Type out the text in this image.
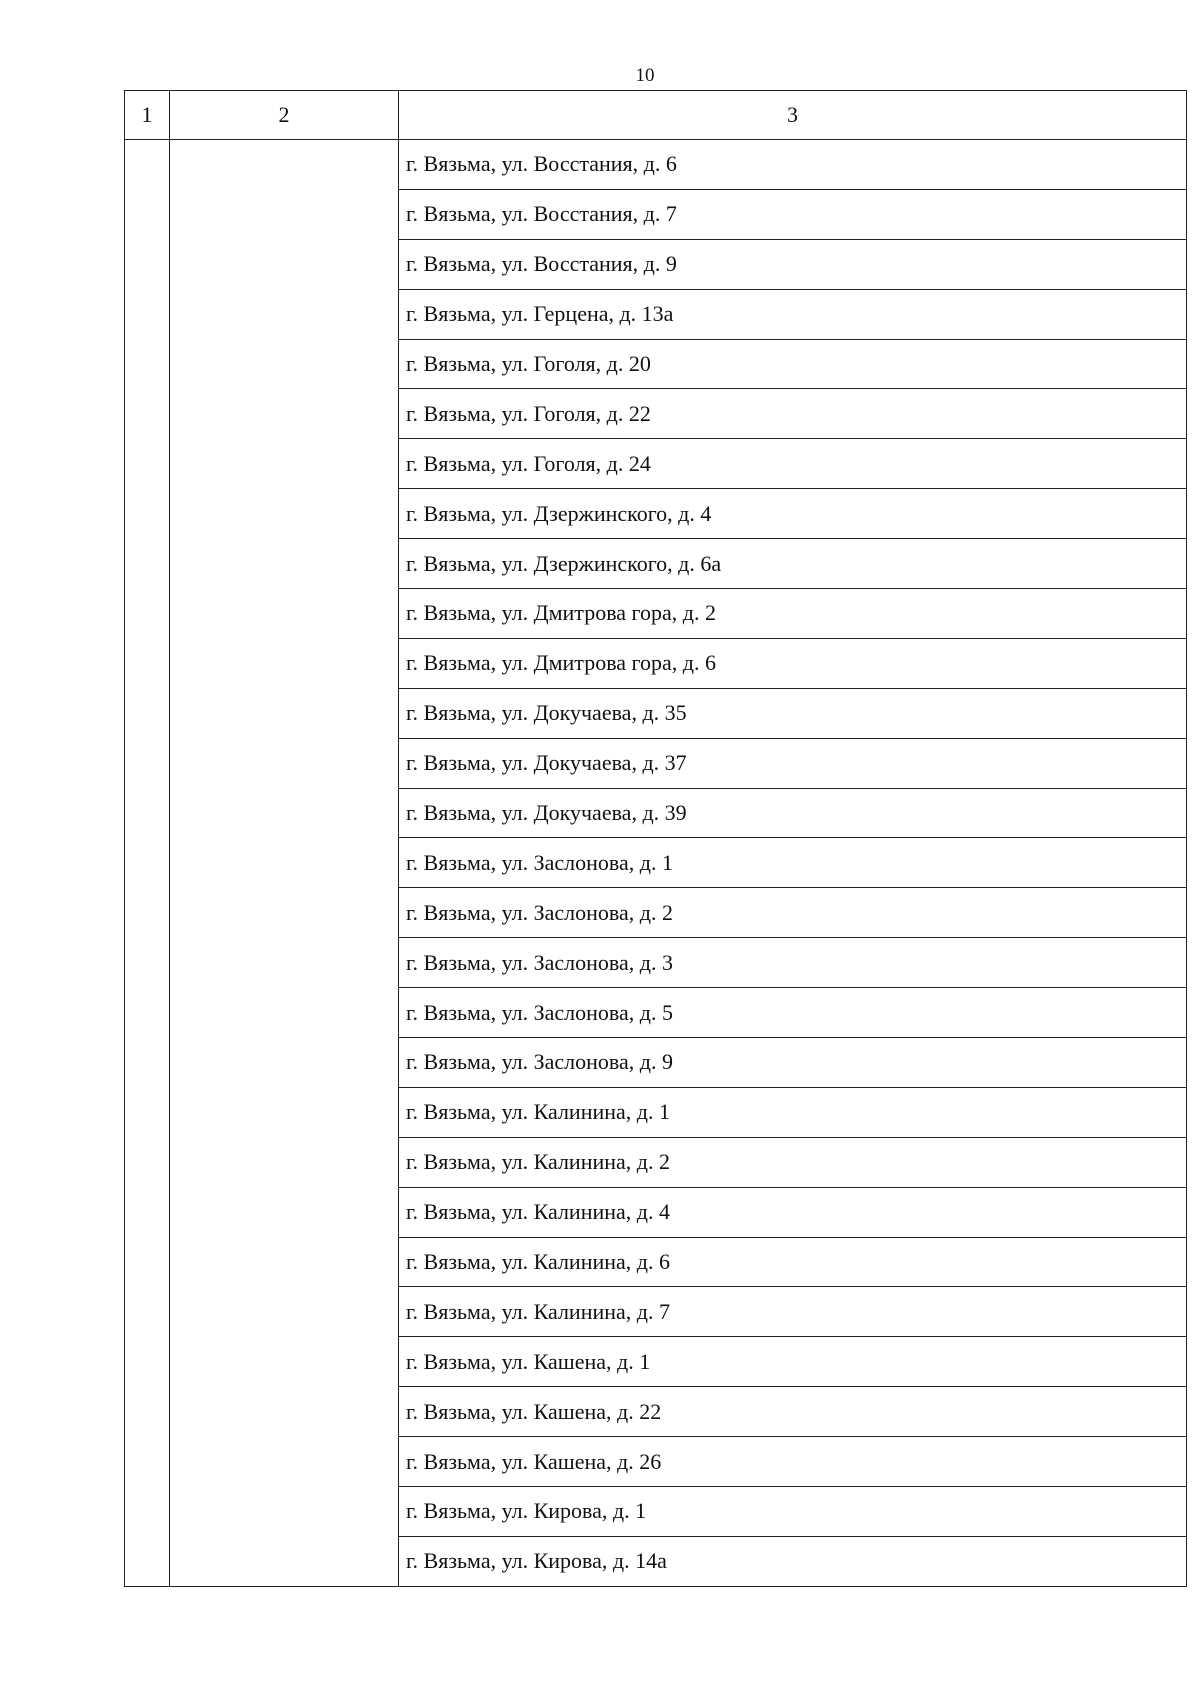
10
1	2	3
		г. Вязьма, ул. Восстания, д. 6
		г. Вязьма, ул. Восстания, д. 7
		г. Вязьма, ул. Восстания, д. 9
		г. Вязьма, ул. Герцена, д. 13а
		г. Вязьма, ул. Гоголя, д. 20
		г. Вязьма, ул. Гоголя, д. 22
		г. Вязьма, ул. Гоголя, д. 24
		г. Вязьма, ул. Дзержинского, д. 4
		г. Вязьма, ул. Дзержинского, д. 6а
		г. Вязьма, ул. Дмитрова гора, д. 2
		г. Вязьма, ул. Дмитрова гора, д. 6
		г. Вязьма, ул. Докучаева, д. 35
		г. Вязьма, ул. Докучаева, д. 37
		г. Вязьма, ул. Докучаева, д. 39
		г. Вязьма, ул. Заслонова, д. 1
		г. Вязьма, ул. Заслонова, д. 2
		г. Вязьма, ул. Заслонова, д. 3
		г. Вязьма, ул. Заслонова, д. 5
		г. Вязьма, ул. Заслонова, д. 9
		г. Вязьма, ул. Калинина, д. 1
		г. Вязьма, ул. Калинина, д. 2
		г. Вязьма, ул. Калинина, д. 4
		г. Вязьма, ул. Калинина, д. 6
		г. Вязьма, ул. Калинина, д. 7
		г. Вязьма, ул. Кашена, д. 1
		г. Вязьма, ул. Кашена, д. 22
		г. Вязьма, ул. Кашена, д. 26
		г. Вязьма, ул. Кирова, д. 1
		г. Вязьма, ул. Кирова, д. 14а
